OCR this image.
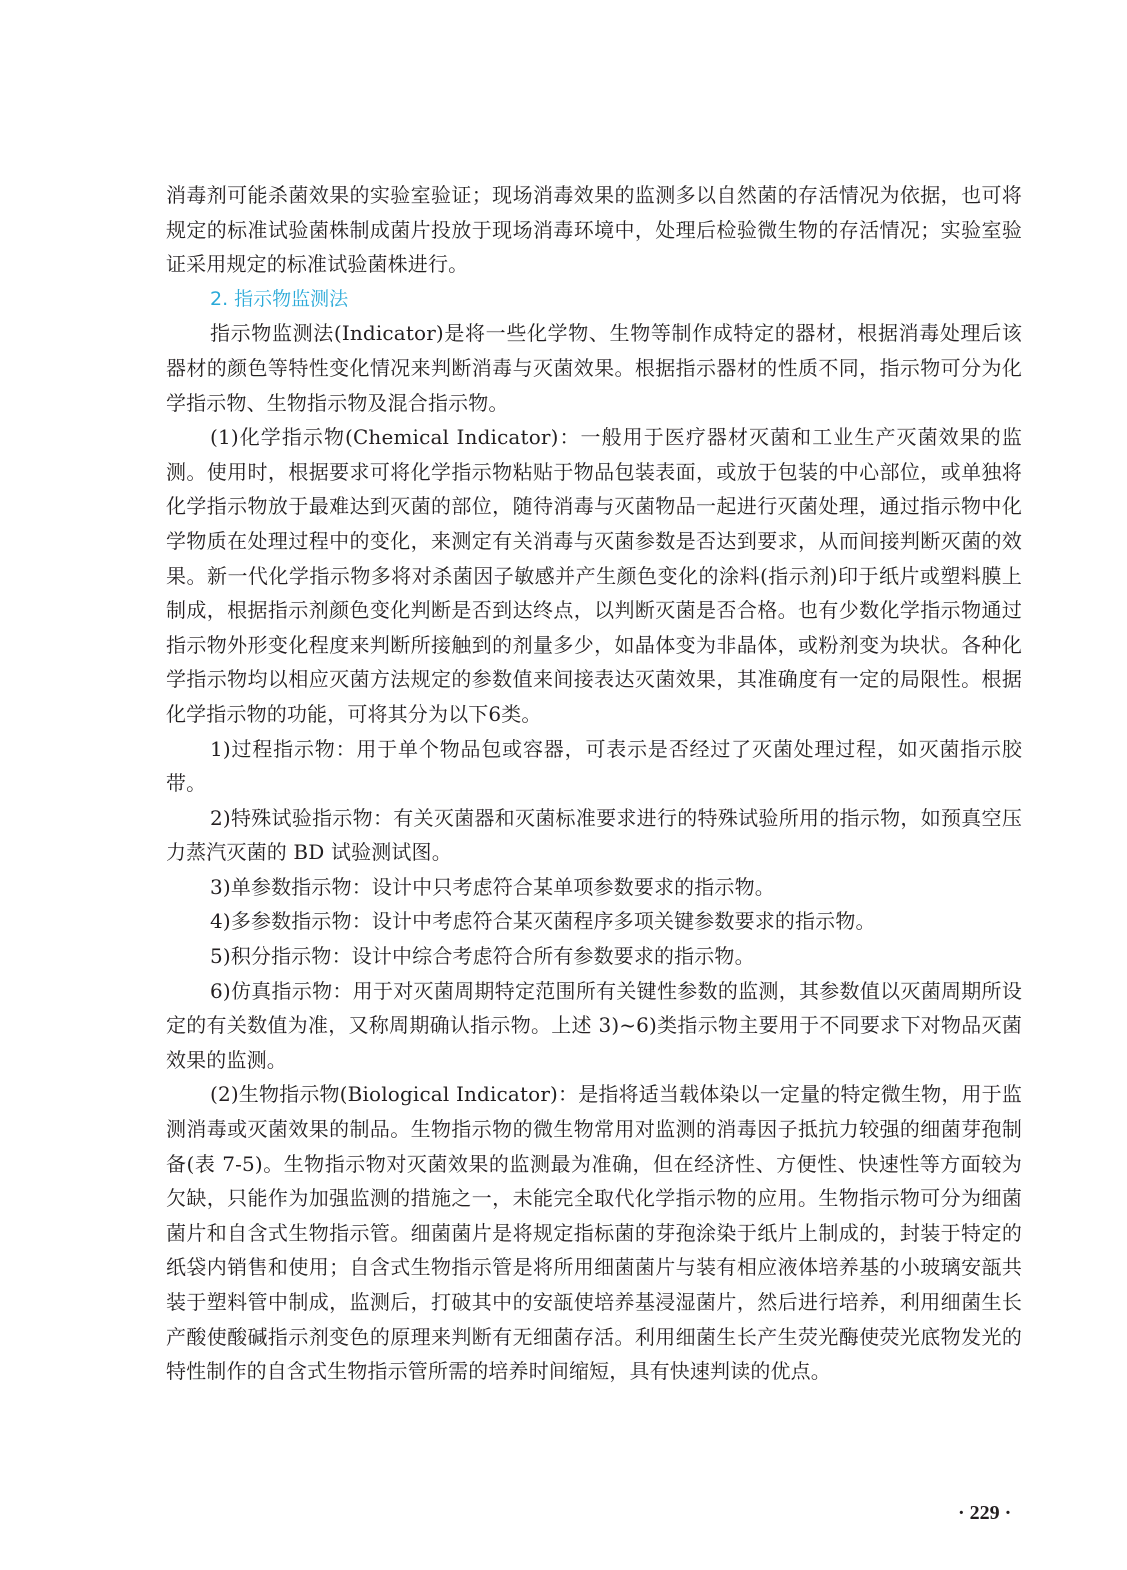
消毒剂可能杀菌效果的实验室验证；现场消毒效果的监测多以自然菌的存活情况为依据，也可将规定的标准试验菌株制成菌片投放于现场消毒环境中，处理后检验微生物的存活情况；实验室验证采用规定的标准试验菌株进行。

2. 指示物监测法

指示物监测法(Indicator)是将一些化学物、生物等制作成特定的器材，根据消毒处理后该器材的颜色等特性变化情况来判断消毒与灭菌效果。根据指示器材的性质不同，指示物可分为化学指示物、生物指示物及混合指示物。

(1)化学指示物(Chemical Indicator)：一般用于医疗器材灭菌和工业生产灭菌效果的监测。使用时，根据要求可将化学指示物粘贴于物品包装表面，或放于包装的中心部位，或单独将化学指示物放于最难达到灭菌的部位，随待消毒与灭菌物品一起进行灭菌处理，通过指示物中化学物质在处理过程中的变化，来测定有关消毒与灭菌参数是否达到要求，从而间接判断灭菌的效果。新一代化学指示物多将对杀菌因子敏感并产生颜色变化的涂料(指示剂)印于纸片或塑料膜上制成，根据指示剂颜色变化判断是否到达终点，以判断灭菌是否合格。也有少数化学指示物通过指示物外形变化程度来判断所接触到的剂量多少，如晶体变为非晶体，或粉剂变为块状。各种化学指示物均以相应灭菌方法规定的参数值来间接表达灭菌效果，其准确度有一定的局限性。根据化学指示物的功能，可将其分为以下6类。

1)过程指示物：用于单个物品包或容器，可表示是否经过了灭菌处理过程，如灭菌指示胶带。

2)特殊试验指示物：有关灭菌器和灭菌标准要求进行的特殊试验所用的指示物，如预真空压力蒸汽灭菌的 BD 试验测试图。

3)单参数指示物：设计中只考虑符合某单项参数要求的指示物。

4)多参数指示物：设计中考虑符合某灭菌程序多项关键参数要求的指示物。

5)积分指示物：设计中综合考虑符合所有参数要求的指示物。

6)仿真指示物：用于对灭菌周期特定范围所有关键性参数的监测，其参数值以灭菌周期所设定的有关数值为准，又称周期确认指示物。上述 3)~6)类指示物主要用于不同要求下对物品灭菌效果的监测。

(2)生物指示物(Biological Indicator)：是指将适当载体染以一定量的特定微生物，用于监测消毒或灭菌效果的制品。生物指示物的微生物常用对监测的消毒因子抵抗力较强的细菌芽孢制备(表 7-5)。生物指示物对灭菌效果的监测最为准确，但在经济性、方便性、快速性等方面较为欠缺，只能作为加强监测的措施之一，未能完全取代化学指示物的应用。生物指示物可分为细菌菌片和自含式生物指示管。细菌菌片是将规定指标菌的芽孢涂染于纸片上制成的，封装于特定的纸袋内销售和使用；自含式生物指示管是将所用细菌菌片与装有相应液体培养基的小玻璃安瓿共装于塑料管中制成，监测后，打破其中的安瓿使培养基浸湿菌片，然后进行培养，利用细菌生长产酸使酸碱指示剂变色的原理来判断有无细菌存活。利用细菌生长产生荧光酶使荧光底物发光的特性制作的自含式生物指示管所需的培养时间缩短，具有快速判读的优点。

· 229 ·
